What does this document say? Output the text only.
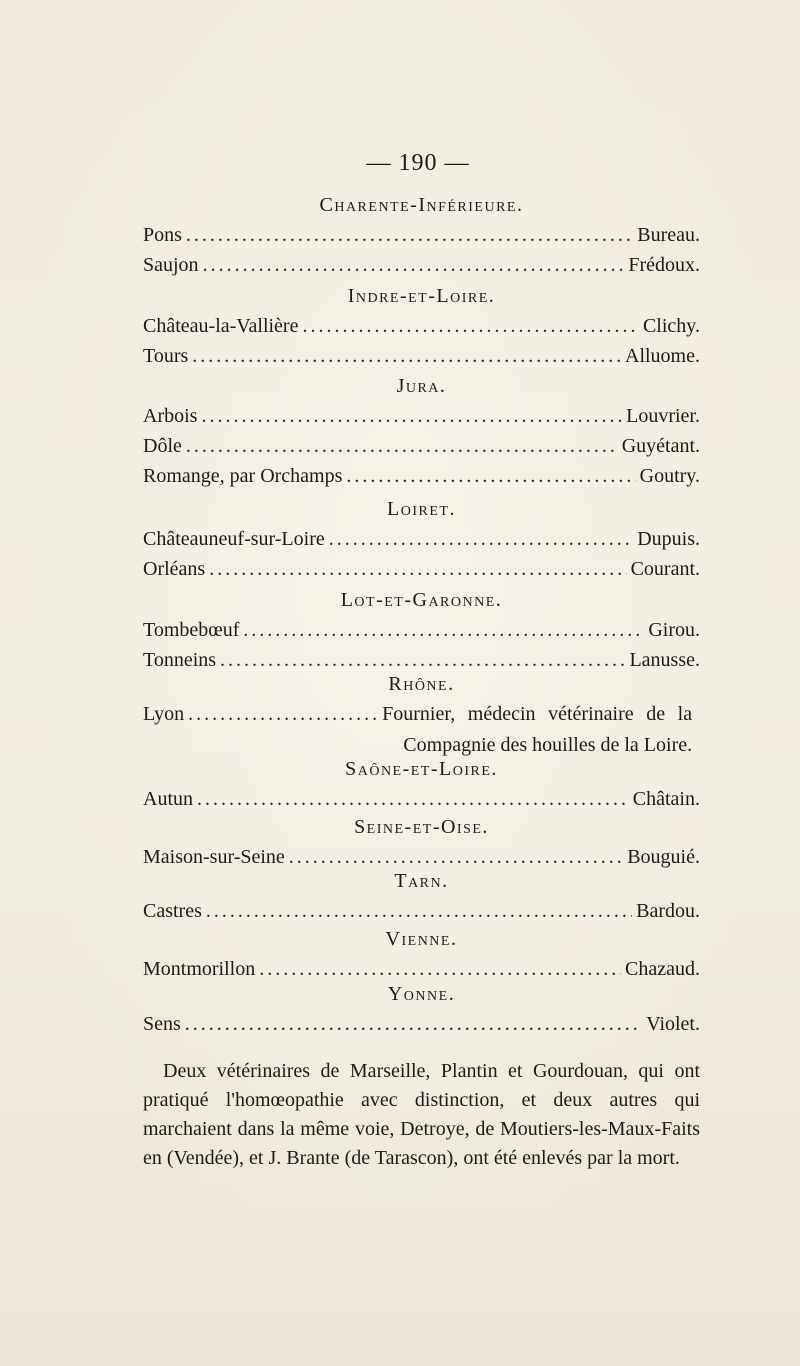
— 190 —
Charente-Inférieure.
Pons .....	Bureau.
Saujon .....	Frédoux.
Indre-et-Loire.
Château-la-Vallière .....	Clichy.
Tours .....	Alluome.
Jura.
Arbois .....	Louvrier.
Dôle .....	Guyétant.
Romange, par Orchamps .....	Goutry.
Loiret.
Châteauneuf-sur-Loire .....	Dupuis.
Orléans .....	Courant.
Lot-et-Garonne.
Tombebœuf .....	Girou.
Tonneins .....	Lanusse.
Rhône.
Lyon .....	Fournier, médecin vétérinaire de la Compagnie des houilles de la Loire.
Saône-et-Loire.
Autun .....	Châtain.
Seine-et-Oise.
Maison-sur-Seine .....	Bouguié.
Tarn.
Castres .....	Bardou.
Vienne.
Montmorillon .....	Chazaud.
Yonne.
Sens .....	Violet.

Deux vétérinaires de Marseille, Plantin et Gourdouan, qui ont pratiqué l'homœopathie avec distinction, et deux autres qui marchaient dans la même voie, Detroye, de Moutiers-les-Maux-Faits en (Vendée), et J. Brante (de Tarascon), ont été enlevés par la mort.
